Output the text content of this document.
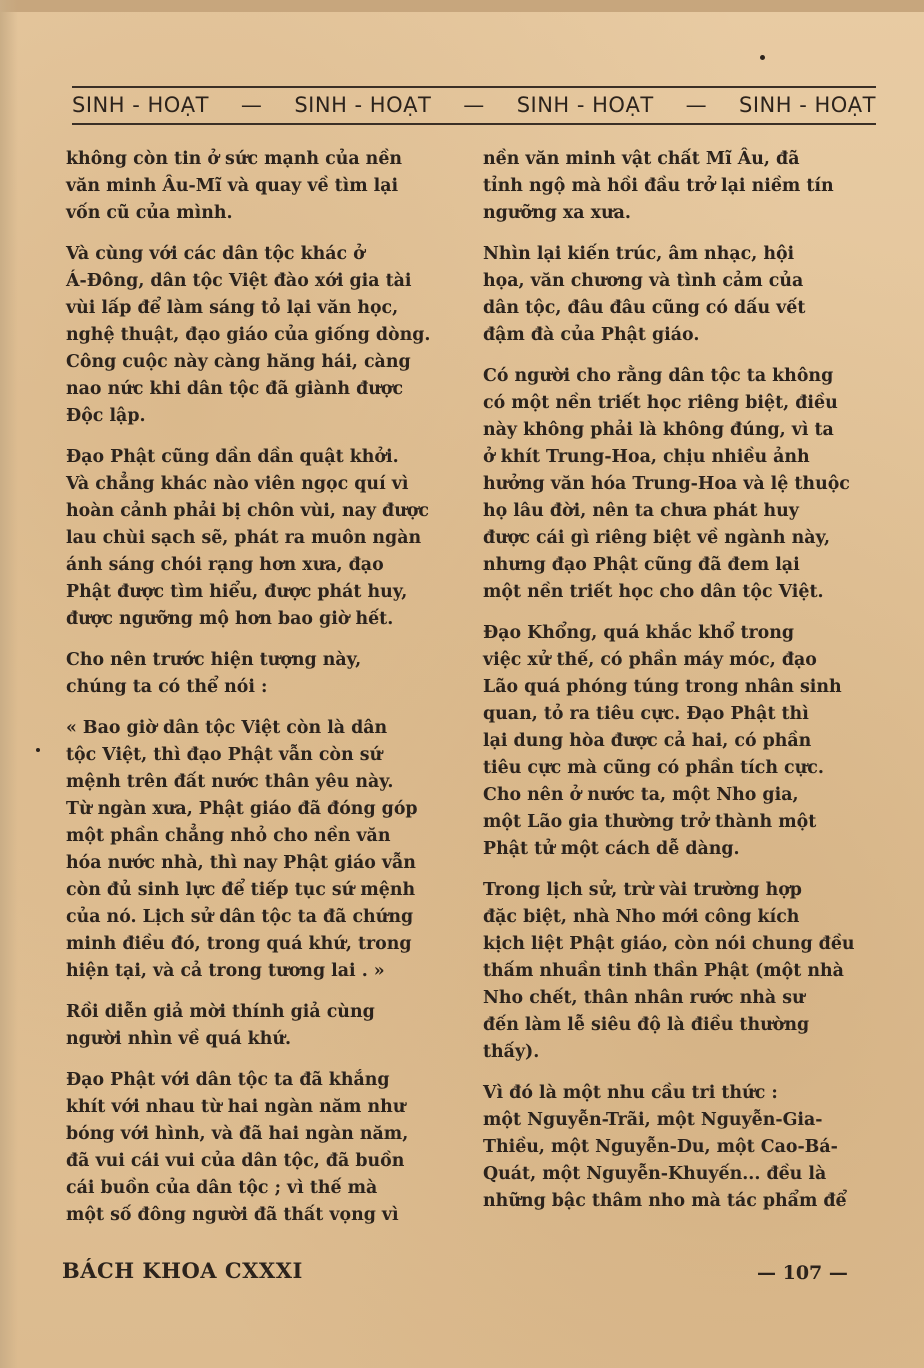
SINH - HOẠT — SINH - HOẠT — SINH - HOẠT — SINH - HOẠT

không còn tin ở sức mạnh của nền
văn minh Âu-Mĩ và quay về tìm lại
vốn cũ của mình.

Và cùng với các dân tộc khác ở
Á-Đông, dân tộc Việt đào xới gia tài
vùi lấp để làm sáng tỏ lại văn học,
nghệ thuật, đạo giáo của giống dòng.
Công cuộc này càng hăng hái, càng
nao nức khi dân tộc đã giành được
Độc lập.

Đạo Phật cũng dần dần quật khởi.
Và chẳng khác nào viên ngọc quí vì
hoàn cảnh phải bị chôn vùi, nay được
lau chùi sạch sẽ, phát ra muôn ngàn
ánh sáng chói rạng hơn xưa, đạo
Phật được tìm hiểu, được phát huy,
được ngưỡng mộ hơn bao giờ hết.

Cho nên trước hiện tượng này,
chúng ta có thể nói :

« Bao giờ dân tộc Việt còn là dân
tộc Việt, thì đạo Phật vẫn còn sứ
mệnh trên đất nước thân yêu này.
Từ ngàn xưa, Phật giáo đã đóng góp
một phần chẳng nhỏ cho nền văn
hóa nước nhà, thì nay Phật giáo vẫn
còn đủ sinh lực để tiếp tục sứ mệnh
của nó. Lịch sử dân tộc ta đã chứng
minh điều đó, trong quá khứ, trong
hiện tại, và cả trong tương lai . »

Rồi diễn giả mời thính giả cùng
người nhìn về quá khứ.

Đạo Phật với dân tộc ta đã khắng
khít với nhau từ hai ngàn năm như
bóng với hình, và đã hai ngàn năm,
đã vui cái vui của dân tộc, đã buồn
cái buồn của dân tộc ; vì thế mà
một số đông người đã thất vọng vì

nền văn minh vật chất Mĩ Âu, đã
tỉnh ngộ mà hồi đầu trở lại niềm tín
ngưỡng xa xưa.

Nhìn lại kiến trúc, âm nhạc, hội
họa, văn chương và tình cảm của
dân tộc, đâu đâu cũng có dấu vết
đậm đà của Phật giáo.

Có người cho rằng dân tộc ta không
có một nền triết học riêng biệt, điều
này không phải là không đúng, vì ta
ở khít Trung-Hoa, chịu nhiều ảnh
hưởng văn hóa Trung-Hoa và lệ thuộc
họ lâu đời, nên ta chưa phát huy
được cái gì riêng biệt về ngành này,
nhưng đạo Phật cũng đã đem lại
một nền triết học cho dân tộc Việt.

Đạo Khổng, quá khắc khổ trong
việc xử thế, có phần máy móc, đạo
Lão quá phóng túng trong nhân sinh
quan, tỏ ra tiêu cực. Đạo Phật thì
lại dung hòa được cả hai, có phần
tiêu cực mà cũng có phần tích cực.
Cho nên ở nước ta, một Nho gia,
một Lão gia thường trở thành một
Phật tử một cách dễ dàng.

Trong lịch sử, trừ vài trường hợp
đặc biệt, nhà Nho mới công kích
kịch liệt Phật giáo, còn nói chung đều
thấm nhuần tinh thần Phật (một nhà
Nho chết, thân nhân rước nhà sư
đến làm lễ siêu độ là điều thường
thấy).

Vì đó là một nhu cầu tri thức :
một Nguyễn-Trãi, một Nguyễn-Gia-
Thiều, một Nguyễn-Du, một Cao-Bá-
Quát, một Nguyễn-Khuyến... đều là
những bậc thâm nho mà tác phẩm để

BÁCH KHOA CXXXI	— 107 —
